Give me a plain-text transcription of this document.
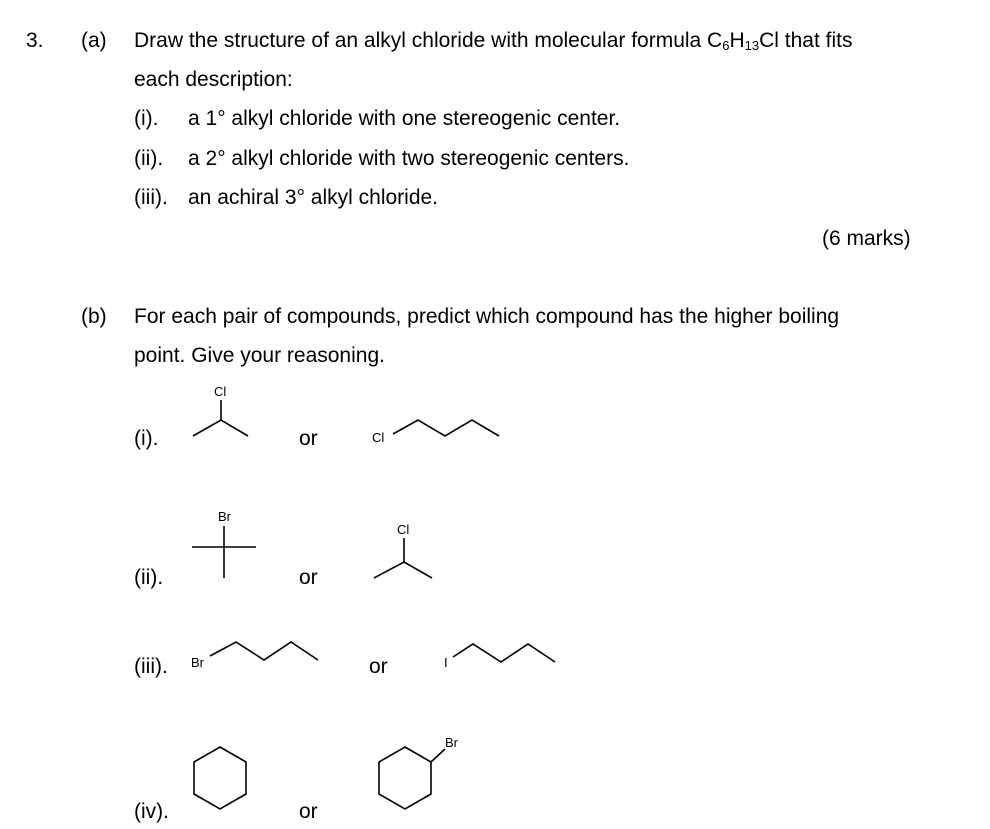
3. (a) Draw the structure of an alkyl chloride with molecular formula $C_6H_{13}Cl$ that fits
each description:
(i). a 1° alkyl chloride with one stereogenic center.
(ii). a 2° alkyl chloride with two stereogenic centers.
(iii). an achiral 3° alkyl chloride.
(6 marks)
(b) For each pair of compounds, predict which compound has the higher boiling
point. Give your reasoning.
(i).
Cl
or	Cl
(ii).
Br
or
Cl
(iii). Br	or	I
(iv).	or
Br
